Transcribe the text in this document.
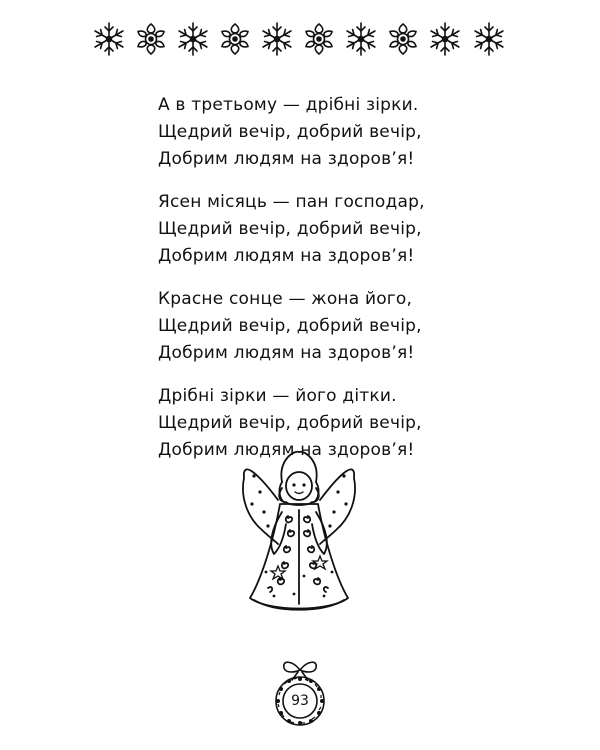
А в третьому — дрібні зірки.
Щедрий вечір, добрий вечір,
Добрим людям на здоров’я!
Ясен місяць — пан господар,
Щедрий вечір, добрий вечір,
Добрим людям на здоров’я!
Красне сонце — жона його,
Щедрий вечір, добрий вечір,
Добрим людям на здоров’я!
Дрібні зірки — його дітки.
Щедрий вечір, добрий вечір,
Добрим людям на здоров’я!
93
